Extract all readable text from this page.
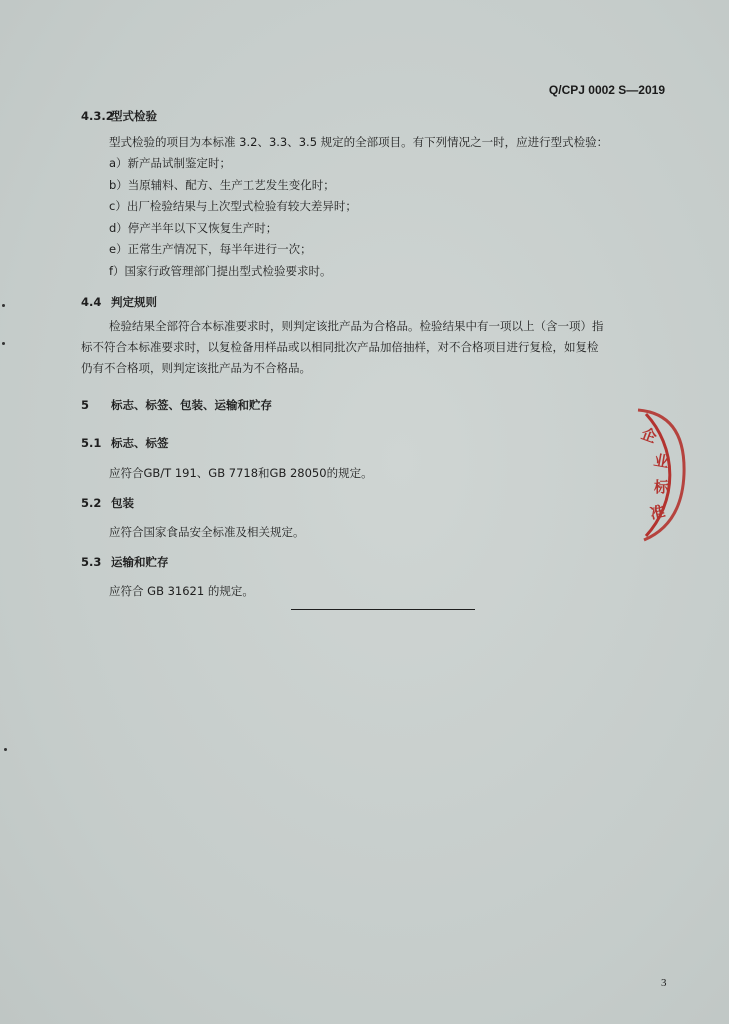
Q/CPJ 0002 S—2019
4.3.2型式检验

型式检验的项目为本标准 3.2、3.3、3.5 规定的全部项目。有下列情况之一时，应进行型式检验：

a）新产品试制鉴定时；

b）当原辅料、配方、生产工艺发生变化时；

c）出厂检验结果与上次型式检验有较大差异时；

d）停产半年以下又恢复生产时；

e）正常生产情况下，每半年进行一次；

f）国家行政管理部门提出型式检验要求时。

4.4 判定规则

检验结果全部符合本标准要求时，则判定该批产品为合格品。检验结果中有一项以上（含一项）指

标不符合本标准要求时，以复检备用样品或以相同批次产品加倍抽样，对不合格项目进行复检，如复检

仍有不合格项，则判定该批产品为不合格品。

5 标志、标签、包装、运输和贮存
5.1 标志、标签

应符合GB/T 191、GB 7718和GB 28050的规定。

5.2 包装

应符合国家食品安全标准及相关规定。

5.3 运输和贮存

应符合 GB 31621 的规定。

企
业
标
准
3
